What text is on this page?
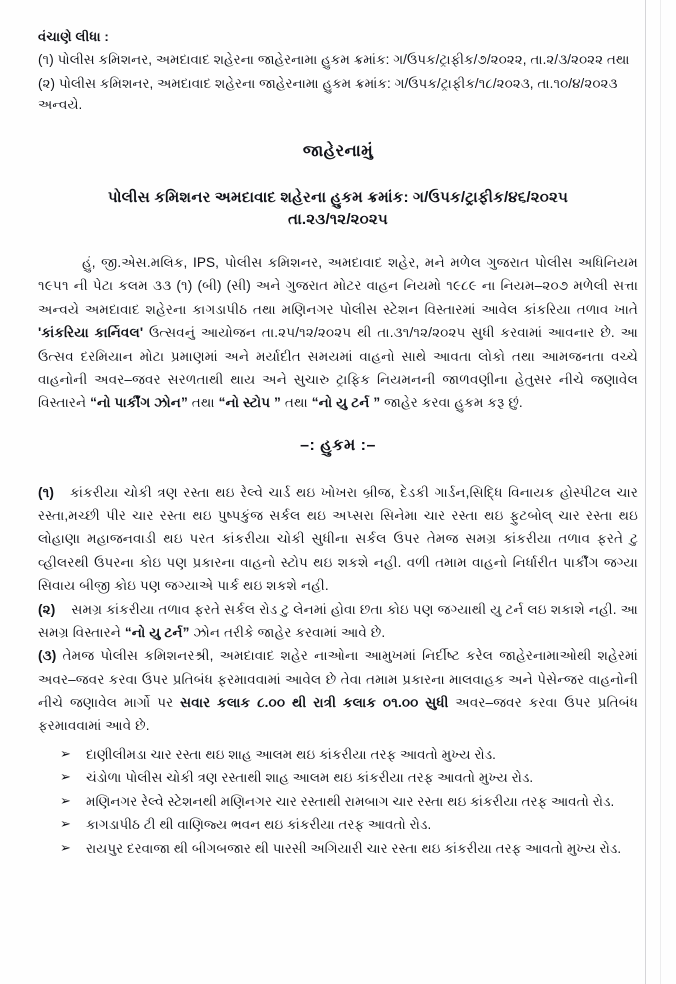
વંચાણે લીધા :

(૧) પોલીસ કમિશનર, અમદાવાદ શહેરના જાહેરનામા હુકમ ક્રમાંક: ગ/ઉપક/ટ્રાફીક/૭/૨૦૨૨, તા.૨/૩/૨૦૨૨ તથા

(૨) પોલીસ કમિશનર, અમદાવાદ શહેરના જાહેરનામા હુકમ ક્રમાંક: ગ/ઉપક/ટ્રાફીક/૧૮/૨૦૨૩, તા.૧૦/૪/૨૦૨૩ અન્વયે.

જાહેરનામું
પોલીસ કમિશનર અમદાવાદ શહેરના હુકમ ક્રમાંક: ગ/ઉપક/ટ્રાફીક/૪૬/૨૦૨૫
તા.૨૩/૧૨/૨૦૨૫

હું, જી.એસ.મલિક, IPS, પોલીસ કમિશનર, અમદાવાદ શહેર, મને મળેલ ગુજરાત પોલીસ અધિનિયમ ૧૯૫૧ ની પેટા કલમ ૩૩ (૧) (બી) (સી) અને ગુજરાત મોટર વાહન નિયમો ૧૯૮૯ ના નિયમ–૨૦૭ મળેલી સત્તા અન્વયે અમદાવાદ શહેરના કાગડાપીઠ તથા મણિનગર પોલીસ સ્ટેશન વિસ્તારમાં આવેલ કાંકરિયા તળાવ ખાતે 'કાંકરિયા કાર્નિવલ' ઉત્સવનું આયોજન તા.૨૫/૧૨/૨૦૨૫ થી તા.૩૧/૧૨/૨૦૨૫ સુધી કરવામાં આવનાર છે. આ ઉત્સવ દરમિયાન મોટા પ્રમાણમાં અને મર્યાદીત સમયમાં વાહનો સાથે આવતા લોકો તથા આમજનતા વચ્ચે વાહનોની અવર–જવર સરળતાથી થાય અને સુચારુ ટ્રાફિક નિયમનની જાળવણીના હેતુસર નીચે જણાવેલ વિસ્તારને “નો પાર્કીંગ ઝોન” તથા “નો સ્ટોપ ” તથા “નો યુ ટર્ન ” જાહેર કરવા હુકમ કરૂ છું.

–: હુકમ :–

(૧) કાંકરીયા ચોકી ત્રણ રસ્તા થઇ રેલ્વે ચાર્ડ થઇ ખોખરા બ્રીજ, દેડકી ગાર્ડન,સિદ્ધિ વિનાયક હોસ્પીટલ ચાર રસ્તા,મચ્છી પીર ચાર રસ્તા થઇ પુષ્પકુંજ સર્કલ થઇ અપ્સરા સિનેમા ચાર રસ્તા થઇ ફુટબોલ્ ચાર રસ્તા થઇ લોહાણા મહાજનવાડી થઇ પરત કાંકરીયા ચોકી સુધીના સર્કલ ઉપર તેમજ સમગ્ર કાંકરીયા તળાવ ફરતે ટુ વ્હીલરથી ઉપરના કોઇ પણ પ્રકારના વાહનો સ્ટોપ થઇ શકશે નહી. વળી તમામ વાહનો નિર્ધારીત પાર્કીંગ જગ્યા સિવાય બીજી કોઇ પણ જગ્યાએ પાર્ક થઇ શકશે નહી.

(૨) સમગ્ર કાંકરીયા તળાવ ફરતે સર્કલ રોડ ટુ લેનમાં હોવા છતા કોઇ પણ જગ્યાથી યુ ટર્ન લઇ શકાશે નહી. આ સમગ્ર વિસ્તારને “નો યુ ટર્ન” ઝોન તરીકે જાહેર કરવામાં આવે છે.

(૩) તેમજ પોલીસ કમિશનરશ્રી, અમદાવાદ શહેર નાઓના આમુખમાં નિર્દીષ્ટ કરેલ જાહેરનામાઓથી શહેરમાં અવર–જવર કરવા ઉપર પ્રતિબંધ ફરમાવવામાં આવેલ છે તેવા તમામ પ્રકારના માલવાહક અને પેસેન્જર વાહનોની નીચે જણાવેલ માર્ગો પર સવાર કલાક ૮.૦૦ થી રાત્રી કલાક ૦૧.૦૦ સુધી અવર–જવર કરવા ઉપર પ્રતિબંધ ફરમાવવામાં આવે છે.

➢ દાણીલીમડા ચાર રસ્તા થઇ શાહ આલમ થઇ કાંકરીયા તરફ આવતો મુખ્ય રોડ.
➢ ચંડોળા પોલીસ ચોકી ત્રણ રસ્તાથી શાહ આલમ થઇ કાંકરીયા તરફ આવતો મુખ્ય રોડ.
➢ મણિનગર રેલ્વે સ્ટેશનથી મણિનગર ચાર રસ્તાથી રામબાગ ચાર રસ્તા થઇ કાંકરીયા તરફ આવતો રોડ.
➢ કાગડાપીઠ ટી થી વાણિજ્ય ભવન થઇ કાંકરીયા તરફ આવતો રોડ.
➢ રાયપુર દરવાજા થી બીગબજાર થી પારસી અગિયારી ચાર રસ્તા થઇ કાંકરીયા તરફ આવતો મુખ્ય રોડ.
